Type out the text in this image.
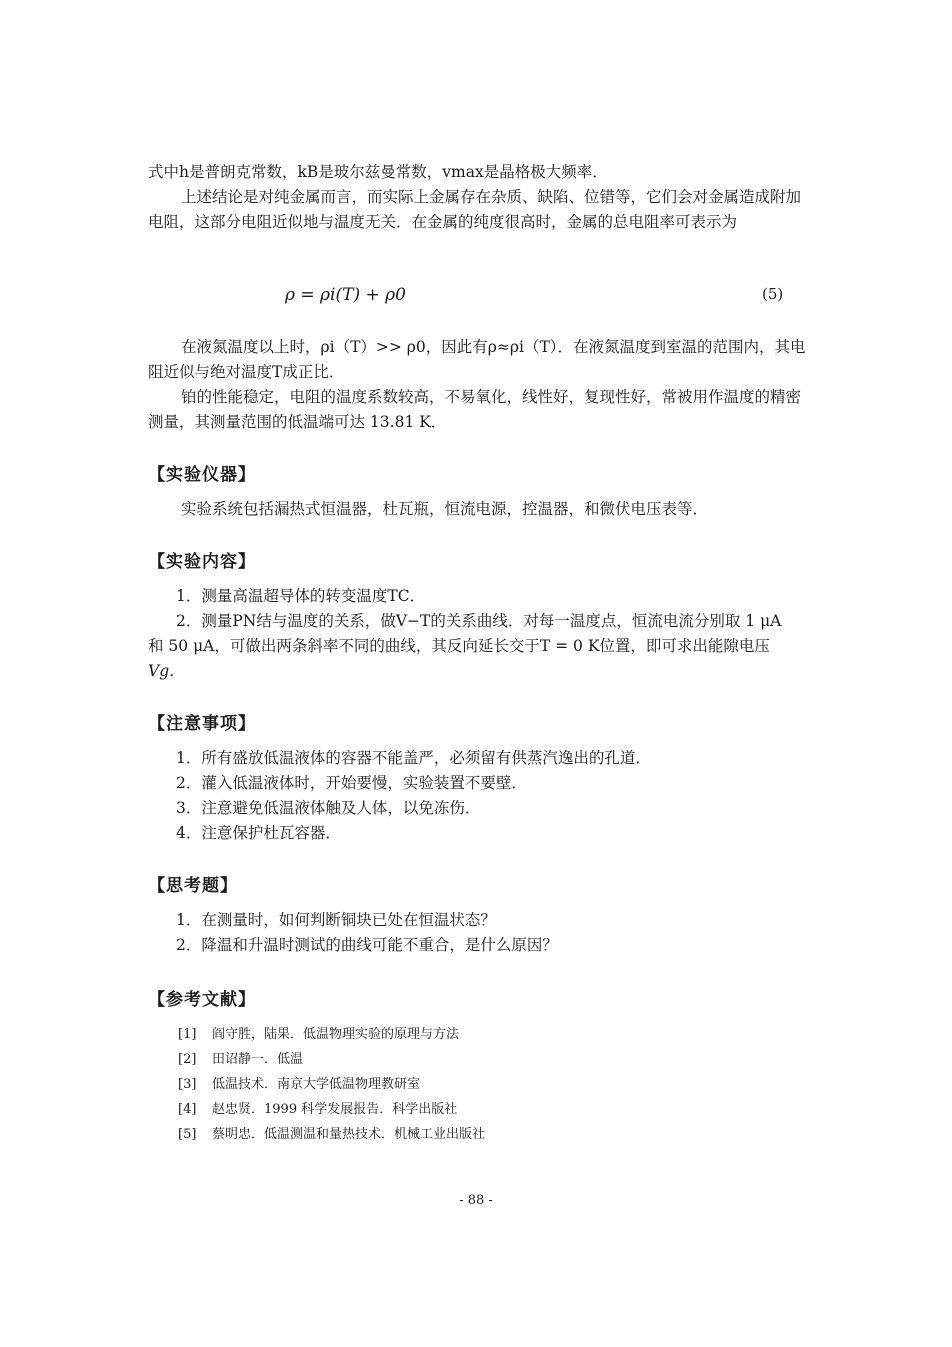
式中h是普朗克常数，kB是玻尔兹曼常数，vmax是晶格极大频率．
上述结论是对纯金属而言，而实际上金属存在杂质、缺陷、位错等，它们会对金属造成附加电阻，这部分电阻近似地与温度无关．在金属的纯度很高时，金属的总电阻率可表示为
ρ = ρi(T) + ρ0	(5)
在液氮温度以上时，ρi（T）>> ρ0，因此有ρ≈ρi（T）．在液氮温度到室温的范围内，其电阻近似与绝对温度T成正比．
铂的性能稳定，电阻的温度系数较高，不易氧化，线性好，复现性好，常被用作温度的精密测量，其测量范围的低温端可达 13.81 K．
【实验仪器】
实验系统包括漏热式恒温器，杜瓦瓶，恒流电源，控温器，和微伏电压表等．
【实验内容】
1．测量高温超导体的转变温度TC．
2．测量PN结与温度的关系，做V−T的关系曲线．对每一温度点，恒流电流分别取 1 μA
和 50 μA，可做出两条斜率不同的曲线，其反向延长交于T = 0 K位置，即可求出能隙电压
Vg．
【注意事项】
1．所有盛放低温液体的容器不能盖严，必须留有供蒸汽逸出的孔道．
2．灌入低温液体时，开始要慢，实验装置不要壁．
3．注意避免低温液体触及人体，以免冻伤．
4．注意保护杜瓦容器．
【思考题】
1．在测量时，如何判断铜块已处在恒温状态？
2．降温和升温时测试的曲线可能不重合，是什么原因？
【参考文献】
[1] 阎守胜，陆果．低温物理实验的原理与方法
[2] 田诏静一．低温
[3] 低温技术．南京大学低温物理教研室
[4] 赵忠贤．1999 科学发展报告．科学出版社
[5] 蔡明忠．低温测温和量热技术．机械工业出版社
- 88 -
